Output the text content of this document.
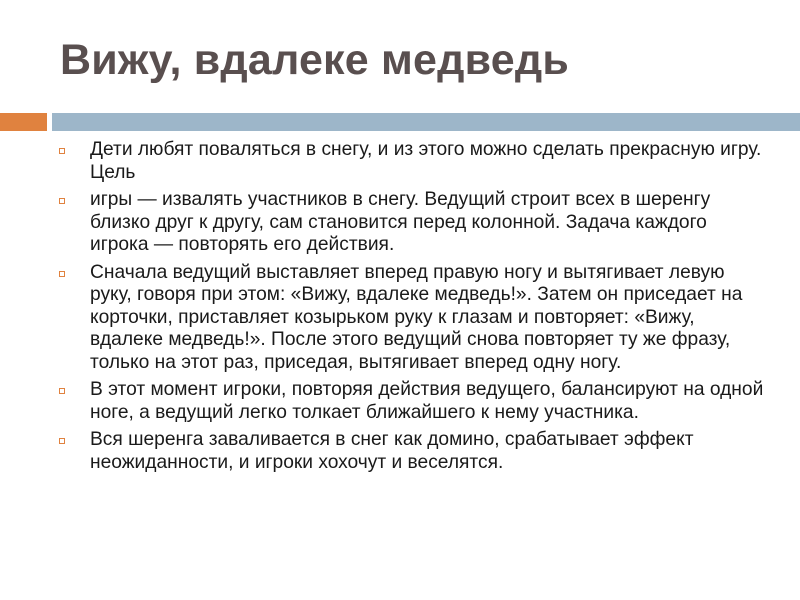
Вижу, вдалеке медведь
Дети любят поваляться в снегу, и из этого можно сделать прекрасную игру. Цель
игры — извалять участников в снегу. Ведущий строит всех в шеренгу близко друг к другу, сам становится перед колонной. Задача каждого игрока — повторять его действия.
Сначала ведущий выставляет вперед правую ногу и вытягивает левую руку, говоря при этом: «Вижу, вдалеке медведь!». Затем он приседает на корточки, приставляет козырьком руку к глазам и повторяет: «Вижу, вдалеке медведь!». После этого ведущий снова повторяет ту же фразу, только на этот раз, приседая, вытягивает вперед одну ногу.
В этот момент игроки, повторяя действия ведущего, балансируют на одной ноге, а ведущий легко толкает ближайшего к нему участника.
Вся шеренга заваливается в снег как домино, срабатывает эффект неожиданности, и игроки хохочут и веселятся.
